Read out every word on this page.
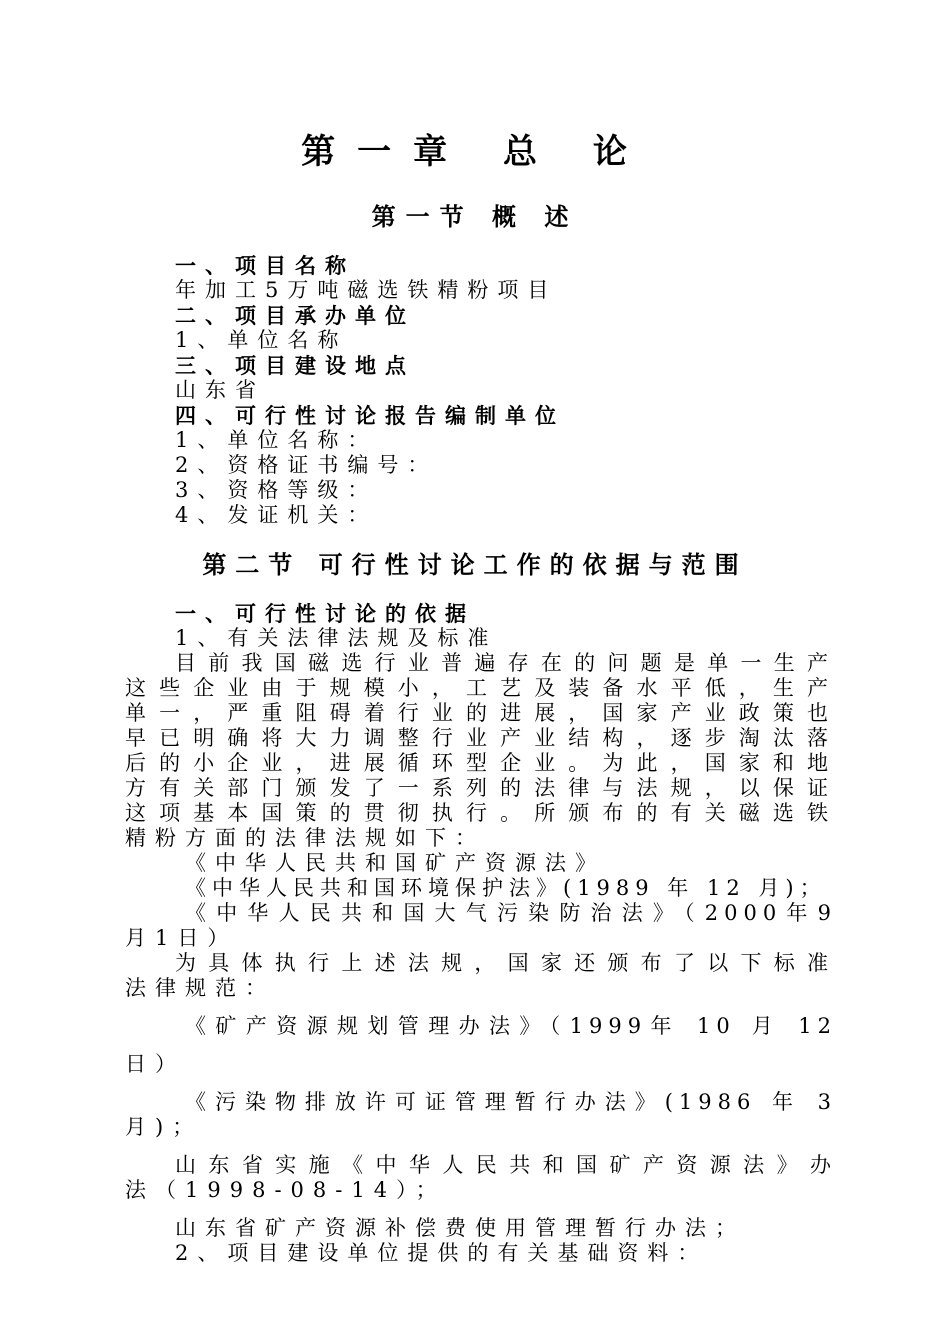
第一章 总 论
第一节 概 述

一、项目名称

年加工5万吨磁选铁精粉项目

二、项目承办单位

1、单位名称

三、项目建设地点

山东省

四、可行性讨论报告编制单位

1、单位名称：

2、资格证书编号：

3、资格等级：

4、发证机关：

第二节 可行性讨论工作的依据与范围

一、可行性讨论的依据

1、有关法律法规及标准

目前我国磁选行业普遍存在的问题是单一生产

这些企业由于规模小，工艺及装备水平低，生产

单一，严重阻碍着行业的进展，国家产业政策也

早已明确将大力调整行业产业结构，逐步淘汰落

后的小企业，进展循环型企业。为此，国家和地

方有关部门颁发了一系列的法律与法规，以保证

这项基本国策的贯彻执行。所颁布的有关磁选铁

精粉方面的法律法规如下：

《中华人民共和国矿产资源法》

《中华人民共和国环境保护法》(1989 年 12 月)；

《中华人民共和国大气污染防治法》（2000年9

月1日）

为具体执行上述法规，国家还颁布了以下标准

法律规范：

《矿产资源规划管理办法》（1999年 10 月 12

日）

《污染物排放许可证管理暂行办法》(1986 年 3

月)；

山东省实施《中华人民共和国矿产资源法》办

法（1998-08-14）；

山东省矿产资源补偿费使用管理暂行办法；

2、项目建设单位提供的有关基础资料：
